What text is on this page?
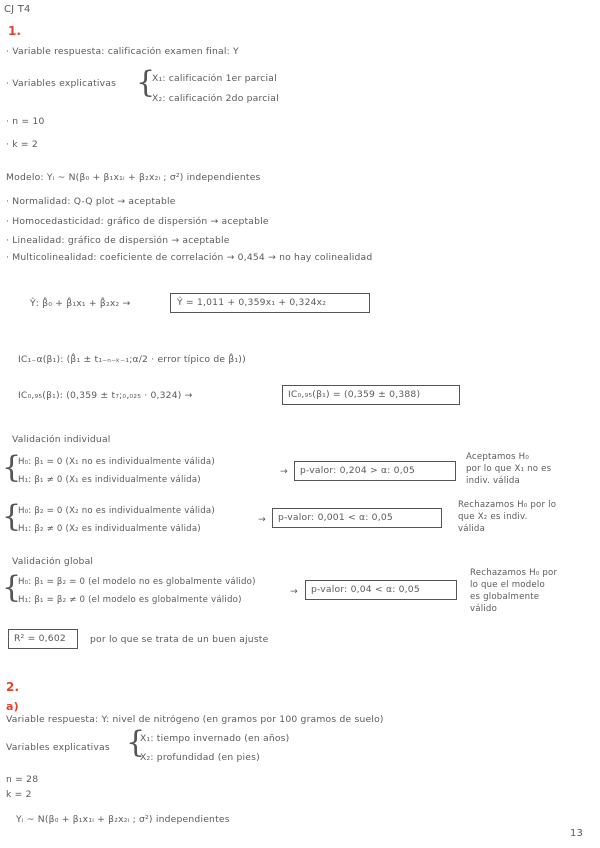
CJ T4
1.
· Variable respuesta: calificación examen final: Y
· Variables explicativas {
X₁: calificación 1er parcial
X₂: calificación 2do parcial
· n = 10
· k = 2
Modelo: Yᵢ ~ N(β₀ + β₁x₁ᵢ + β₂x₂ᵢ ; σ²) independientes
· Normalidad: Q-Q plot → aceptable
· Homocedasticidad: gráfico de dispersión → aceptable
· Linealidad: gráfico de dispersión → aceptable
· Multicolinealidad: coeficiente de correlación → 0,454 → no hay colinealidad
Ŷ: β̂₀ + β̂₁x₁ + β̂₂x₂ →	Ŷ = 1,011 + 0,359x₁ + 0,324x₂
IC₁₋α(β₁): (β̂₁ ± t₁₋ₙ₋ₖ₋₁;α/2 · error típico de β̂₁))
IC₀,₉₅(β₁): (0,359 ± t₇;₀,₀₂₅ · 0,324) →	IC₀,₉₅(β₁) = (0,359 ± 0,388)
Validación individual
{
H₀: β₁ = 0 (X₁ no es individualmente válida)
H₁: β₁ ≠ 0 (X₁ es individualmente válida)
→ p-valor: 0,204 > α: 0,05
Aceptamos H₀
por lo que X₁ no es
indiv. válida
{
H₀: β₂ = 0 (X₂ no es individualmente válida)
H₁: β₂ ≠ 0 (X₂ es individualmente válida)
→ p-valor: 0,001 < α: 0,05
Rechazamos H₀ por lo
que X₂ es indiv.
válida
Validación global
{
H₀: β₁ = β₂ = 0 (el modelo no es globalmente válido)
H₁: β₁ = β₂ ≠ 0 (el modelo es globalmente válido)
→ p-valor: 0,04 < α: 0,05
Rechazamos H₀ por
lo que el modelo
es globalmente
válido
R² = 0,602	por lo que se trata de un buen ajuste
2.
a)
Variable respuesta: Y: nivel de nitrógeno (en gramos por 100 gramos de suelo)
Variables explicativas {
X₁: tiempo invernado (en años)
X₂: profundidad (en pies)
n = 28
k = 2
Yᵢ ~ N(β₀ + β₁x₁ᵢ + β₂x₂ᵢ ; σ²) independientes
13
